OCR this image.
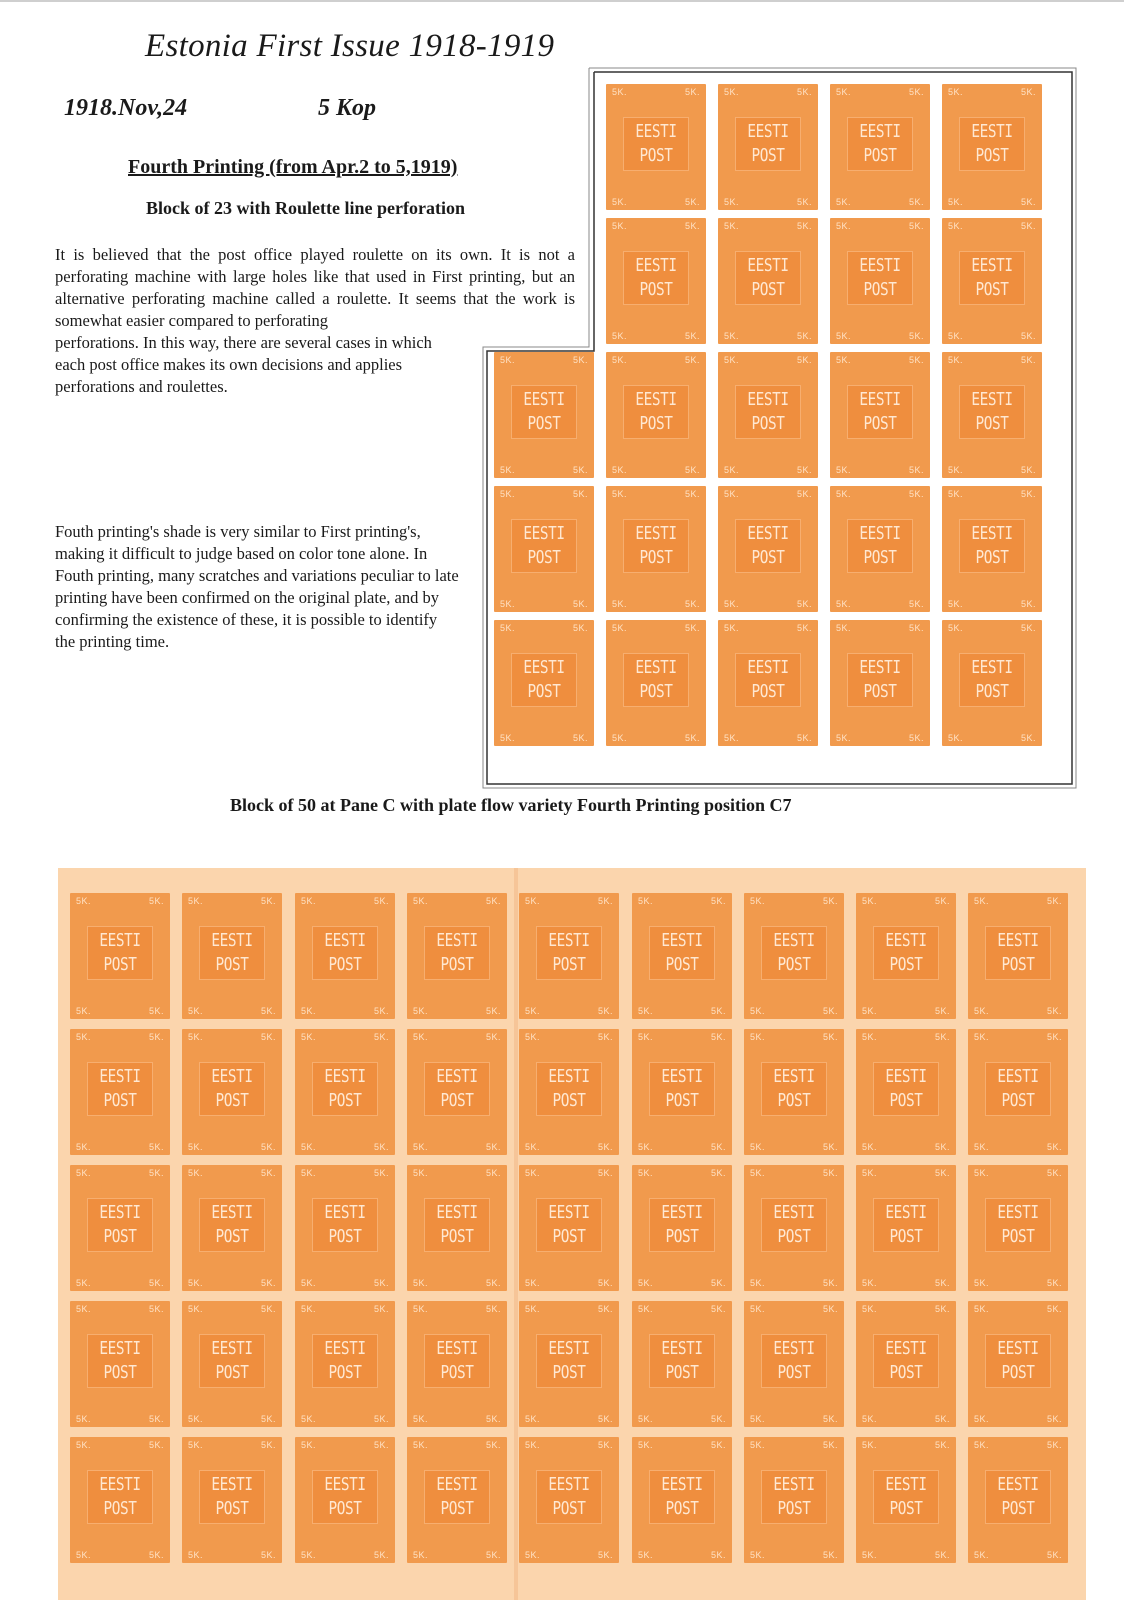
Estonia First Issue 1918-1919
1918.Nov,24	5 Kop
Fourth Printing (from Apr.2 to 5,1919)
Block of 23 with Roulette line perforation

It is believed that the post office played roulette on its own. It is not a perforating machine with large holes like that used in First printing, but an alternative perforating machine called a roulette. It seems that the work is somewhat easier compared to perforating

perforations. In this way, there are several cases in which each post office makes its own decisions and applies perforations and roulettes.

Fouth printing's shade is very similar to First printing's, making it difficult to judge based on color tone alone. In Fouth printing, many scratches and variations peculiar to late printing have been confirmed on the original plate, and by confirming the existence of these, it is possible to identify the printing time.

5K.	5K.
5K.	5K.
EESTI
POST
5K.	5K.
5K.	5K.
EESTI
POST
5K.	5K.
5K.	5K.
EESTI
POST
5K.	5K.
5K.	5K.
EESTI
POST
5K.	5K.
5K.	5K.
EESTI
POST
5K.	5K.
5K.	5K.
EESTI
POST
5K.	5K.
5K.	5K.
EESTI
POST
5K.	5K.
5K.	5K.
EESTI
POST
5K.	5K.
5K.	5K.
EESTI
POST
5K.	5K.
5K.	5K.
EESTI
POST
5K.	5K.
5K.	5K.
EESTI
POST
5K.	5K.
5K.	5K.
EESTI
POST
5K.	5K.
5K.	5K.
EESTI
POST
5K.	5K.
5K.	5K.
EESTI
POST
5K.	5K.
5K.	5K.
EESTI
POST
5K.	5K.
5K.	5K.
EESTI
POST
5K.	5K.
5K.	5K.
EESTI
POST
5K.	5K.
5K.	5K.
EESTI
POST
5K.	5K.
5K.	5K.
EESTI
POST
5K.	5K.
5K.	5K.
EESTI
POST
5K.	5K.
5K.	5K.
EESTI
POST
5K.	5K.
5K.	5K.
EESTI
POST
5K.	5K.
5K.	5K.
EESTI
POST
Block of 50 at Pane C with plate flow variety Fourth Printing position C7
5K.	5K.
5K.	5K.
EESTI
POST
5K.	5K.
5K.	5K.
EESTI
POST
5K.	5K.
5K.	5K.
EESTI
POST
5K.	5K.
5K.	5K.
EESTI
POST
5K.	5K.
5K.	5K.
EESTI
POST
5K.	5K.
5K.	5K.
EESTI
POST
5K.	5K.
5K.	5K.
EESTI
POST
5K.	5K.
5K.	5K.
EESTI
POST
5K.	5K.
5K.	5K.
EESTI
POST
5K.	5K.
5K.	5K.
EESTI
POST
5K.	5K.
5K.	5K.
EESTI
POST
5K.	5K.
5K.	5K.
EESTI
POST
5K.	5K.
5K.	5K.
EESTI
POST
5K.	5K.
5K.	5K.
EESTI
POST
5K.	5K.
5K.	5K.
EESTI
POST
5K.	5K.
5K.	5K.
EESTI
POST
5K.	5K.
5K.	5K.
EESTI
POST
5K.	5K.
5K.	5K.
EESTI
POST
5K.	5K.
5K.	5K.
EESTI
POST
5K.	5K.
5K.	5K.
EESTI
POST
5K.	5K.
5K.	5K.
EESTI
POST
5K.	5K.
5K.	5K.
EESTI
POST
5K.	5K.
5K.	5K.
EESTI
POST
5K.	5K.
5K.	5K.
EESTI
POST
5K.	5K.
5K.	5K.
EESTI
POST
5K.	5K.
5K.	5K.
EESTI
POST
5K.	5K.
5K.	5K.
EESTI
POST
5K.	5K.
5K.	5K.
EESTI
POST
5K.	5K.
5K.	5K.
EESTI
POST
5K.	5K.
5K.	5K.
EESTI
POST
5K.	5K.
5K.	5K.
EESTI
POST
5K.	5K.
5K.	5K.
EESTI
POST
5K.	5K.
5K.	5K.
EESTI
POST
5K.	5K.
5K.	5K.
EESTI
POST
5K.	5K.
5K.	5K.
EESTI
POST
5K.	5K.
5K.	5K.
EESTI
POST
5K.	5K.
5K.	5K.
EESTI
POST
5K.	5K.
5K.	5K.
EESTI
POST
5K.	5K.
5K.	5K.
EESTI
POST
5K.	5K.
5K.	5K.
EESTI
POST
5K.	5K.
5K.	5K.
EESTI
POST
5K.	5K.
5K.	5K.
EESTI
POST
5K.	5K.
5K.	5K.
EESTI
POST
5K.	5K.
5K.	5K.
EESTI
POST
5K.	5K.
5K.	5K.
EESTI
POST
